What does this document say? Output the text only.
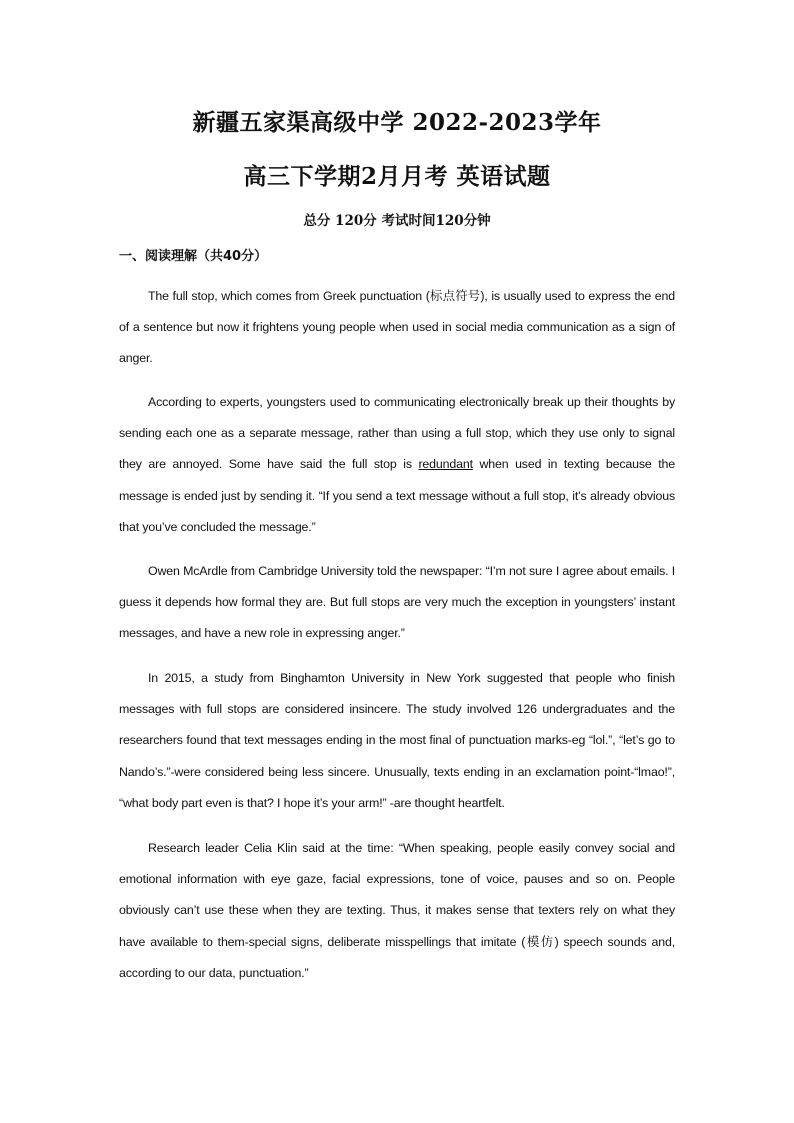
新疆五家渠高级中学 2022-2023学年
高三下学期2月月考 英语试题
总分 120分 考试时间120分钟
一、阅读理解（共40分）

The full stop, which comes from Greek punctuation (标点符号), is usually used to express the end of a sentence but now it frightens young people when used in social media communication as a sign of anger.

According to experts, youngsters used to communicating electronically break up their thoughts by sending each one as a separate message, rather than using a full stop, which they use only to signal they are annoyed. Some have said the full stop is redundant when used in texting because the message is ended just by sending it. “If you send a text message without a full stop, it’s already obvious that you’ve concluded the message.”

Owen McArdle from Cambridge University told the newspaper: “I’m not sure I agree about emails. I guess it depends how formal they are. But full stops are very much the exception in youngsters’ instant messages, and have a new role in expressing anger.”

In 2015, a study from Binghamton University in New York suggested that people who finish messages with full stops are considered insincere. The study involved 126 undergraduates and the researchers found that text messages ending in the most final of punctuation marks-eg “lol.”, “let’s go to Nando’s.”-were considered being less sincere. Unusually, texts ending in an exclamation point-“lmao!”, “what body part even is that? I hope it’s your arm!” -are thought heartfelt.

Research leader Celia Klin said at the time: “When speaking, people easily convey social and emotional information with eye gaze, facial expressions, tone of voice, pauses and so on. People obviously can’t use these when they are texting. Thus, it makes sense that texters rely on what they have available to them-special signs, deliberate misspellings that imitate (模仿) speech sounds and, according to our data, punctuation.”
